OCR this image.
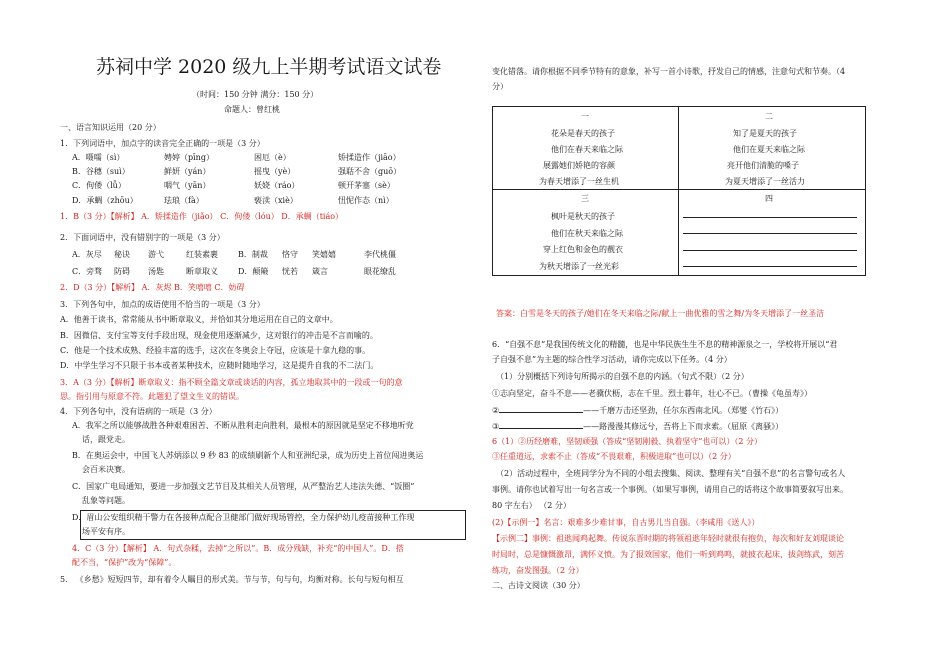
苏祠中学 2020 级九上半期考试语文试卷
（时间：150 分钟 满分：150 分）
命题人：曾红桃
一、语言知识运用（20 分）
1．下列词语中，加点字的读音完全正确的一项是（3 分）
A．嗫嚅（sì）	娉婷（pīng）	困厄（è）	矫揉造作（jiāo）
B．谷穗（suì）	鲜妍（yán）	摇曳（yè）	强聒不舍（guō）
C．佝偻（lǚ）	咽气（yān）	妖娆（ráo）	顿开茅塞（sè）
D．承蜩（zhōu）	珐琅（fà）	亵渎（xiè）	忸怩作态（nì）
1．B（3 分）【解析】 A．矫揉造作（jiǎo） C．佝偻（lóu） D．承蜩（tiáo）
2．下面词语中，没有错别字的一项是（3 分）
A．灰尽 秘诀 游弋	红装素裹	B．制裁 恪守 笑嬉嬉	李代桃僵
C．旁骛 防碍 汤匙	断章取义	D．颠簸 恍若 箴言	眼花缭乱
2．D（3 分）【解析】 A．灰烬 B．笑嘻嘻 C．妨碍
3．下列各句中，加点的成语使用不恰当的一项是（3 分）
A．他善于读书，常常能从书中断章取义，并恰如其分地运用在自己的文章中。
B．因微信、支付宝等支付手段出现，现金使用逐渐减少，这对银行的冲击是不言而喻的。
C．他是一个技术成熟、经验丰富的选手，这次在冬奥会上夺冠，应该是十拿九稳的事。
D．中学生学习不只限于书本或者某种技术，应随时随地学习，这是提升自我的不二法门。
3．A（3 分）【解析】断章取义：指不顾全篇文章或谈话的内容，孤立地取其中的一段或一句的意
思。指引用与原意不符。此题犯了望文生义的错误。
4．下列各句中，没有语病的一项是（3 分）
A．我军之所以能够战胜各种艰难困苦、不断从胜利走向胜利，最根本的原因就是坚定不移地听党
话，跟党走。
B．在奥运会中，中国飞人苏炳添以 9 秒 83 的成绩刷新个人和亚洲纪录，成为历史上首位闯进奥运
会百米决赛。
C．国家广电局通知，要进一步加强文艺节目及其相关人员管理，从严整治艺人违法失德、“饭圈”
乱象等问题。
D．眉山公安组织精干警力在各接种点配合卫健部门做好现场管控，全力保护幼儿疫苗接种工作现
场平安有序。
4．C（3 分）【解析】 A．句式杂糅，去掉“之所以”。B．成分残缺，补充“的中国人”。D．搭
配不当，“保护”改为“保障”。
5． 《乡愁》短短四节，却有着令人瞩目的形式美。节与节，句与句，均衡对称。长句与短句相互
变化错落。请你根据不同季节特有的意象，补写一首小诗歌，抒发自己的情感，注意句式和节奏。（4
分）
一	二
花朵是春天的孩子
他们在春天来临之际
展露她们娇艳的容颜
为春天增添了一丝生机
知了是夏天的孩子
他们在夏天来临之际
亮开他们清脆的嗓子
为夏天增添了一丝活力
三	四
枫叶是秋天的孩子
他们在秋天来临之际
穿上红色和金色的靓衣
为秋天增添了一丝光彩
答案：白雪是冬天的孩子/她们在冬天来临之际/献上一曲优雅的雪之舞/为冬天增添了一丝圣洁
6．“自强不息”是我国传统文化的精髓，也是中华民族生生不息的精神源泉之一，学校将开展以“君
子自强不息”为主题的综合性学习活动，请你完成以下任务。（4 分）
（1）分别概括下列诗句所揭示的自强不息的内涵。（句式不限）（2 分）
①志向坚定，奋斗不息——老骥伏枥，志在千里。烈士暮年，壮心不已。（曹操《龟虽寿》）
②	——千磨万击还坚劲，任尔东西南北风。（郑燮《竹石》）
③	——路漫漫其修远兮，吾将上下而求索。（屈原《离骚》）
6（1）②历经磨难，坚韧顽强（答成“坚韧刚毅、执着坚守”也可以）（2 分）
③任重道远，求索不止（答成“不畏艰难，积极进取”也可以）（2 分）
（2）活动过程中，全班同学分为不同的小组去搜集、阅读、整理有关“自强不息”的名言警句或名人
事例。请你也试着写出一句名言或一个事例。（如果写事例，请用自己的话将这个故事简要叙写出来。
80 字左右） （2 分）
(2)【示例一】名言：艰难多少难甘事，自古男儿当自强。（李咸用《送人》）
【示例二】事例：祖逖闻鸡起舞。传说东晋时期的将领祖逖年轻时就很有抱负，每次和好友刘琨谈论
时局时，总是慷慨激昂，满怀义愤。为了报效国家，他们一听到鸡鸣，就披衣起床，拔剑练武，刻苦
练功，奋发图强。（2 分）
二、古诗文阅读（30 分）
